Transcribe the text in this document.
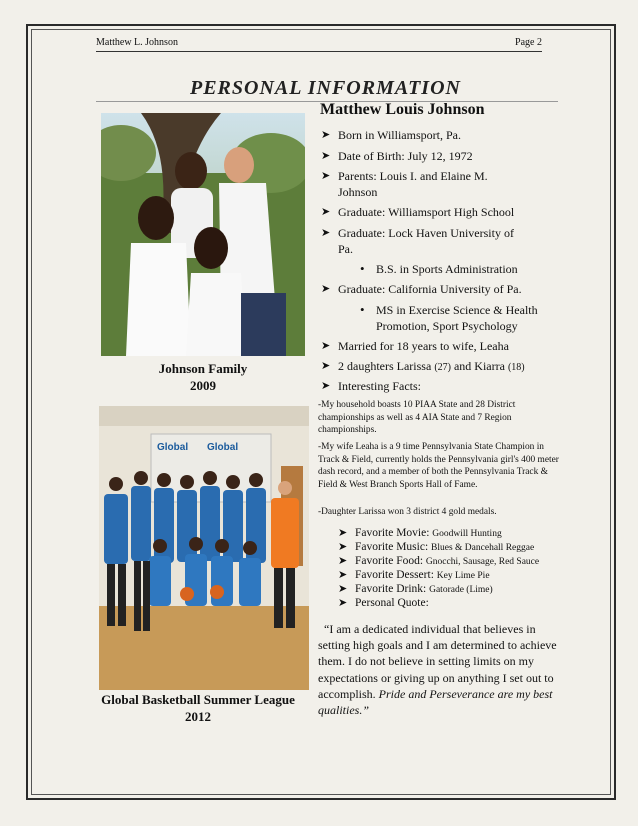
Matthew L. Johnson	Page 2
PERSONAL INFORMATION
Johnson Family
2009
Global Global
Global Basketball Summer League
2012
Matthew Louis Johnson
➤ Born in Williamsport, Pa.
➤ Date of Birth: July 12, 1972
➤ Parents: Louis I. and Elaine M.
Johnson
➤ Graduate: Williamsport High School
➤ Graduate: Lock Haven University of
Pa.
• B.S. in Sports Administration
➤ Graduate: California University of Pa.
• MS in Exercise Science & Health
Promotion, Sport Psychology
➤ Married for 18 years to wife, Leaha
➤ 2 daughters Larissa (27) and Kiarra (18)
➤ Interesting Facts:
-My household boasts 10 PIAA State and 28 District championships as well as 4 AIA State and 7 Region championships.
-My wife Leaha is a 9 time Pennsylvania State Champion in Track & Field, currently holds the Pennsylvania girl's 400 meter dash record, and a member of both the Pennsylvania Track & Field & West Branch Sports Hall of Fame.
-Daughter Larissa won 3 district 4 gold medals.
➤ Favorite Movie: Goodwill Hunting
➤ Favorite Music: Blues & Dancehall Reggae
➤ Favorite Food: Gnocchi, Sausage, Red Sauce
➤ Favorite Dessert: Key Lime Pie
➤ Favorite Drink: Gatorade (Lime)
➤ Personal Quote:
“I am a dedicated individual that believes in setting high goals and I am determined to achieve them. I do not believe in setting limits on my expectations or giving up on anything I set out to accomplish. Pride and Perseverance are my best qualities.”
